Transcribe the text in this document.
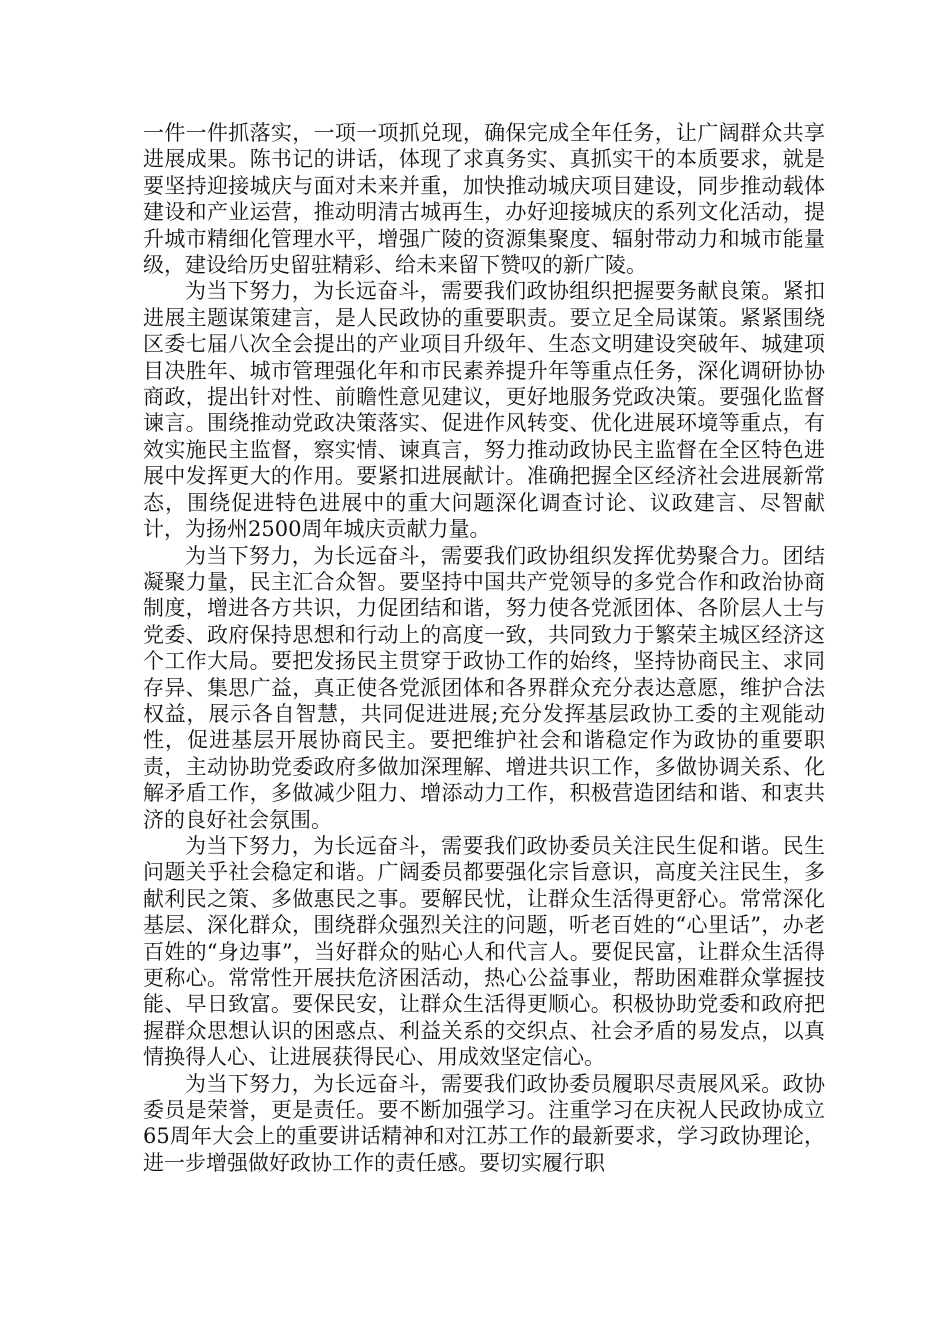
一件一件抓落实，一项一项抓兑现，确保完成全年任务，让广阔群众共享进展成果。陈书记的讲话，体现了求真务实、真抓实干的本质要求，就是要坚持迎接城庆与面对未来并重，加快推动城庆项目建设，同步推动载体建设和产业运营，推动明清古城再生，办好迎接城庆的系列文化活动，提升城市精细化管理水平，增强广陵的资源集聚度、辐射带动力和城市能量级，建设给历史留驻精彩、给未来留下赞叹的新广陵。

为当下努力，为长远奋斗，需要我们政协组织把握要务献良策。紧扣进展主题谋策建言，是人民政协的重要职责。要立足全局谋策。紧紧围绕区委七届八次全会提出的产业项目升级年、生态文明建设突破年、城建项目决胜年、城市管理强化年和市民素养提升年等重点任务，深化调研协协商政，提出针对性、前瞻性意见建议，更好地服务党政决策。要强化监督谏言。围绕推动党政决策落实、促进作风转变、优化进展环境等重点，有效实施民主监督，察实情、谏真言，努力推动政协民主监督在全区特色进展中发挥更大的作用。要紧扣进展献计。准确把握全区经济社会进展新常态，围绕促进特色进展中的重大问题深化调查讨论、议政建言、尽智献计，为扬州2500周年城庆贡献力量。

为当下努力，为长远奋斗，需要我们政协组织发挥优势聚合力。团结凝聚力量，民主汇合众智。要坚持中国共产党领导的多党合作和政治协商制度，增进各方共识，力促团结和谐，努力使各党派团体、各阶层人士与党委、政府保持思想和行动上的高度一致，共同致力于繁荣主城区经济这个工作大局。要把发扬民主贯穿于政协工作的始终，坚持协商民主、求同存异、集思广益，真正使各党派团体和各界群众充分表达意愿，维护合法权益，展示各自智慧，共同促进进展;充分发挥基层政协工委的主观能动性，促进基层开展协商民主。要把维护社会和谐稳定作为政协的重要职责，主动协助党委政府多做加深理解、增进共识工作，多做协调关系、化解矛盾工作，多做减少阻力、增添动力工作，积极营造团结和谐、和衷共济的良好社会氛围。

为当下努力，为长远奋斗，需要我们政协委员关注民生促和谐。民生问题关乎社会稳定和谐。广阔委员都要强化宗旨意识，高度关注民生，多献利民之策、多做惠民之事。要解民忧，让群众生活得更舒心。常常深化基层、深化群众，围绕群众强烈关注的问题，听老百姓的“心里话”，办老百姓的“身边事”，当好群众的贴心人和代言人。要促民富，让群众生活得更称心。常常性开展扶危济困活动，热心公益事业，帮助困难群众掌握技能、早日致富。要保民安，让群众生活得更顺心。积极协助党委和政府把握群众思想认识的困惑点、利益关系的交织点、社会矛盾的易发点，以真情换得人心、让进展获得民心、用成效坚定信心。

为当下努力，为长远奋斗，需要我们政协委员履职尽责展风采。政协委员是荣誉，更是责任。要不断加强学习。注重学习在庆祝人民政协成立65周年大会上的重要讲话精神和对江苏工作的最新要求，学习政协理论，进一步增强做好政协工作的责任感。要切实履行职
